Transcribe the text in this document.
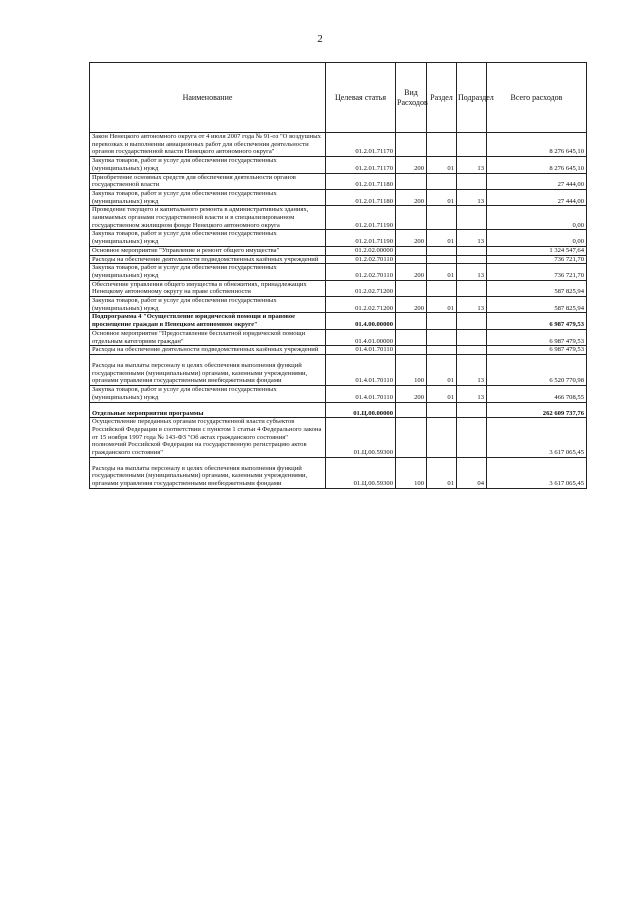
2
Наименование	Целевая статья	Вид Расходов	Раздел	Подраздел	Всего расходов
Закон Ненецкого автономного округа от 4 июля 2007 года № 91-оз "О воздушных перевозках и выполнении авиационных работ для обеспечения деятельности органов государственной власти Ненецкого автономного округа"	01.2.01.71170				8 276 645,10
Закупка товаров, работ и услуг для обеспечения государственных (муниципальных) нужд	01.2.01.71170	200	01	13	8 276 645,10
Приобретение основных средств для обеспечения деятельности органов государственной власти	01.2.01.71180				27 444,00
Закупка товаров, работ и услуг для обеспечения государственных (муниципальных) нужд	01.2.01.71180	200	01	13	27 444,00
Проведение текущего и капитального ремонта в административных зданиях, занимаемых органами государственной власти и в специализированном государственном жилищном фонде Ненецкого автономного округа	01.2.01.71190				0,00
Закупка товаров, работ и услуг для обеспечения государственных (муниципальных) нужд	01.2.01.71190	200	01	13	0,00
Основное мероприятие "Управление и ремонт общего имущества"	01.2.02.00000				1 324 547,64
Расходы на обеспечение деятельности подведомственных казённых учреждений	01.2.02.70110				736 721,70
Закупка товаров, работ и услуг для обеспечения государственных (муниципальных) нужд	01.2.02.70110	200	01	13	736 721,70
Обеспечение управления общего имущества в обнежитиях, принадлежащих Ненецкому автономному округу на праве собственности	01.2.02.71200				587 825,94
Закупка товаров, работ и услуг для обеспечения государственных (муниципальных) нужд	01.2.02.71200	200	01	13	587 825,94
Подпрограмма 4 "Осуществление юридической помощи и правовое просвещение граждан в Ненецком автономном округе"	01.4.00.00000				6 987 479,53
Основное мероприятие "Предоставление бесплатной юридической помощи отдельным категориям граждан"	01.4.01.00000				6 987 479,53
Расходы на обеспечение деятельности подведомственных казённых учреждений	01.4.01.70110				6 987 479,53
Расходы на выплаты персоналу в целях обеспечения выполнения функций государственными (муниципальными) органами, казенными учреждениями, органами управления государственными внебюджетными фондами	01.4.01.70110	100	01	13	6 520 770,98
Закупка товаров, работ и услуг для обеспечения государственных (муниципальных) нужд	01.4.01.70110	200	01	13	466 708,55
Отдельные мероприятия программы	01.Ц.00.00000				262 609 737,76
Осуществление переданных органам государственной власти субъектов Российской Федерации в соответствии с пунктом 1 статьи 4 Федерального закона от 15 ноября 1997 года № 143-ФЗ "Об актах гражданского состояния" полномочий Российской Федерации на государственную регистрацию актов гражданского состояния"	01.Ц.00.59300				3 617 065,45
Расходы на выплаты персоналу в целях обеспечения выполнения функций государственными (муниципальными) органами, казенными учреждениями, органами управления государственными внебюджетными фондами	01.Ц.00.59300	100	01	04	3 617 065,45
